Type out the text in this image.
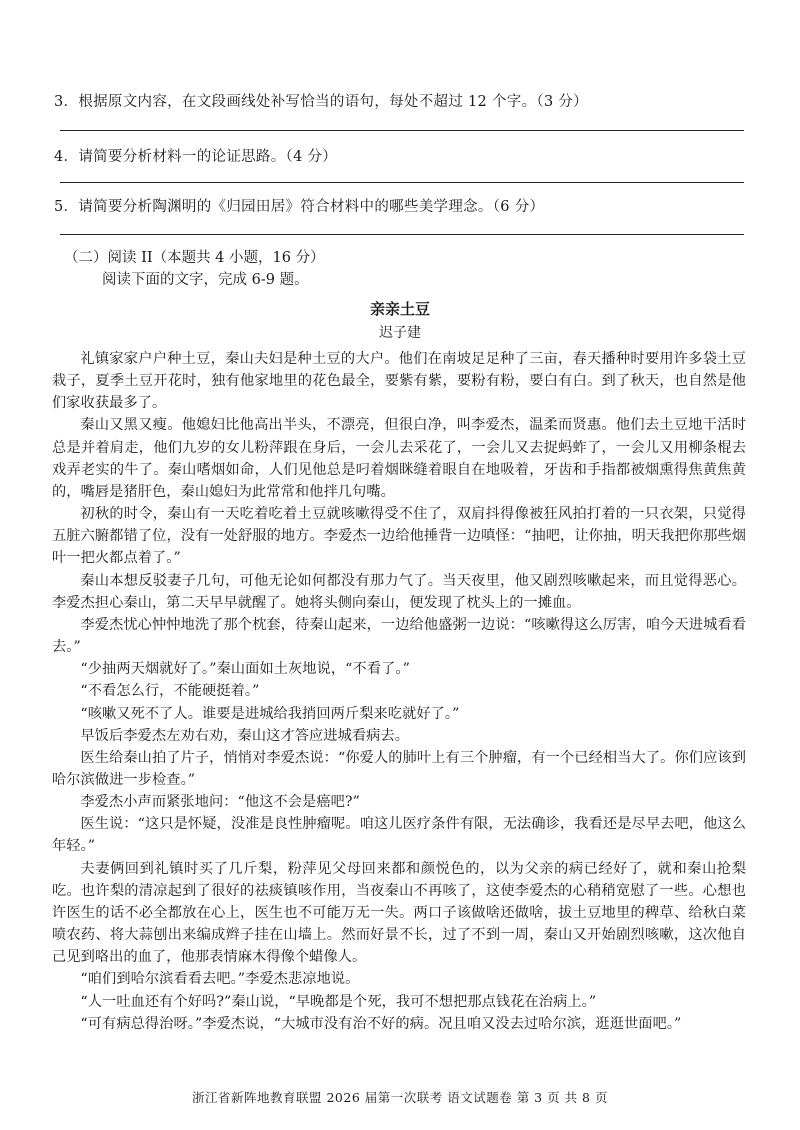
3．根据原文内容，在文段画线处补写恰当的语句，每处不超过 12 个字。（3 分）
4．请简要分析材料一的论证思路。（4 分）
5．请简要分析陶渊明的《归园田居》符合材料中的哪些美学理念。（6 分）
（二）阅读 II（本题共 4 小题，16 分）
阅读下面的文字，完成 6-9 题。
亲亲土豆
迟子建

礼镇家家户户种土豆，秦山夫妇是种土豆的大户。他们在南坡足足种了三亩，春天播种时要用许多袋土豆栽子，夏季土豆开花时，独有他家地里的花色最全，要紫有紫，要粉有粉，要白有白。到了秋天，也自然是他们家收获最多了。

秦山又黑又瘦。他媳妇比他高出半头，不漂亮，但很白净，叫李爱杰，温柔而贤惠。他们去土豆地干活时总是并着肩走，他们九岁的女儿粉萍跟在身后，一会儿去采花了，一会儿又去捉蚂蚱了，一会儿又用柳条棍去戏弄老实的牛了。秦山嗜烟如命，人们见他总是叼着烟眯缝着眼自在地吸着，牙齿和手指都被烟熏得焦黄焦黄的，嘴唇是猪肝色，秦山媳妇为此常常和他拌几句嘴。

初秋的时令，秦山有一天吃着吃着土豆就咳嗽得受不住了，双肩抖得像被狂风拍打着的一只衣架，只觉得五脏六腑都错了位，没有一处舒服的地方。李爱杰一边给他捶背一边嗔怪：“抽吧，让你抽，明天我把你那些烟叶一把火都点着了。”

秦山本想反驳妻子几句，可他无论如何都没有那力气了。当天夜里，他又剧烈咳嗽起来，而且觉得恶心。李爱杰担心秦山，第二天早早就醒了。她将头侧向秦山，便发现了枕头上的一摊血。

李爱杰忧心忡忡地洗了那个枕套，待秦山起来，一边给他盛粥一边说：“咳嗽得这么厉害，咱今天进城看看去。”

“少抽两天烟就好了。”秦山面如土灰地说，“不看了。”

“不看怎么行，不能硬挺着。”

“咳嗽又死不了人。谁要是进城给我捎回两斤梨来吃就好了。”

早饭后李爱杰左劝右劝，秦山这才答应进城看病去。

医生给秦山拍了片子，悄悄对李爱杰说：“你爱人的肺叶上有三个肿瘤，有一个已经相当大了。你们应该到哈尔滨做进一步检查。”

李爱杰小声而紧张地问：“他这不会是癌吧?”

医生说：“这只是怀疑，没准是良性肿瘤呢。咱这儿医疗条件有限，无法确诊，我看还是尽早去吧，他这么年轻。”

夫妻俩回到礼镇时买了几斤梨，粉萍见父母回来都和颜悦色的，以为父亲的病已经好了，就和秦山抢梨吃。也许梨的清凉起到了很好的祛痰镇咳作用，当夜秦山不再咳了，这使李爱杰的心稍稍宽慰了一些。心想也许医生的话不必全都放在心上，医生也不可能万无一失。两口子该做啥还做啥，拔土豆地里的稗草、给秋白菜喷农药、将大蒜刨出来编成辫子挂在山墙上。然而好景不长，过了不到一周，秦山又开始剧烈咳嗽，这次他自己见到咯出的血了，他那表情麻木得像个蜡像人。

“咱们到哈尔滨看看去吧。”李爱杰悲凉地说。

“人一吐血还有个好吗?”秦山说，“早晚都是个死，我可不想把那点钱花在治病上。”

“可有病总得治呀。”李爱杰说，“大城市没有治不好的病。况且咱又没去过哈尔滨，逛逛世面吧。”

浙江省新阵地教育联盟 2026 届第一次联考 语文试题卷 第 3 页 共 8 页
